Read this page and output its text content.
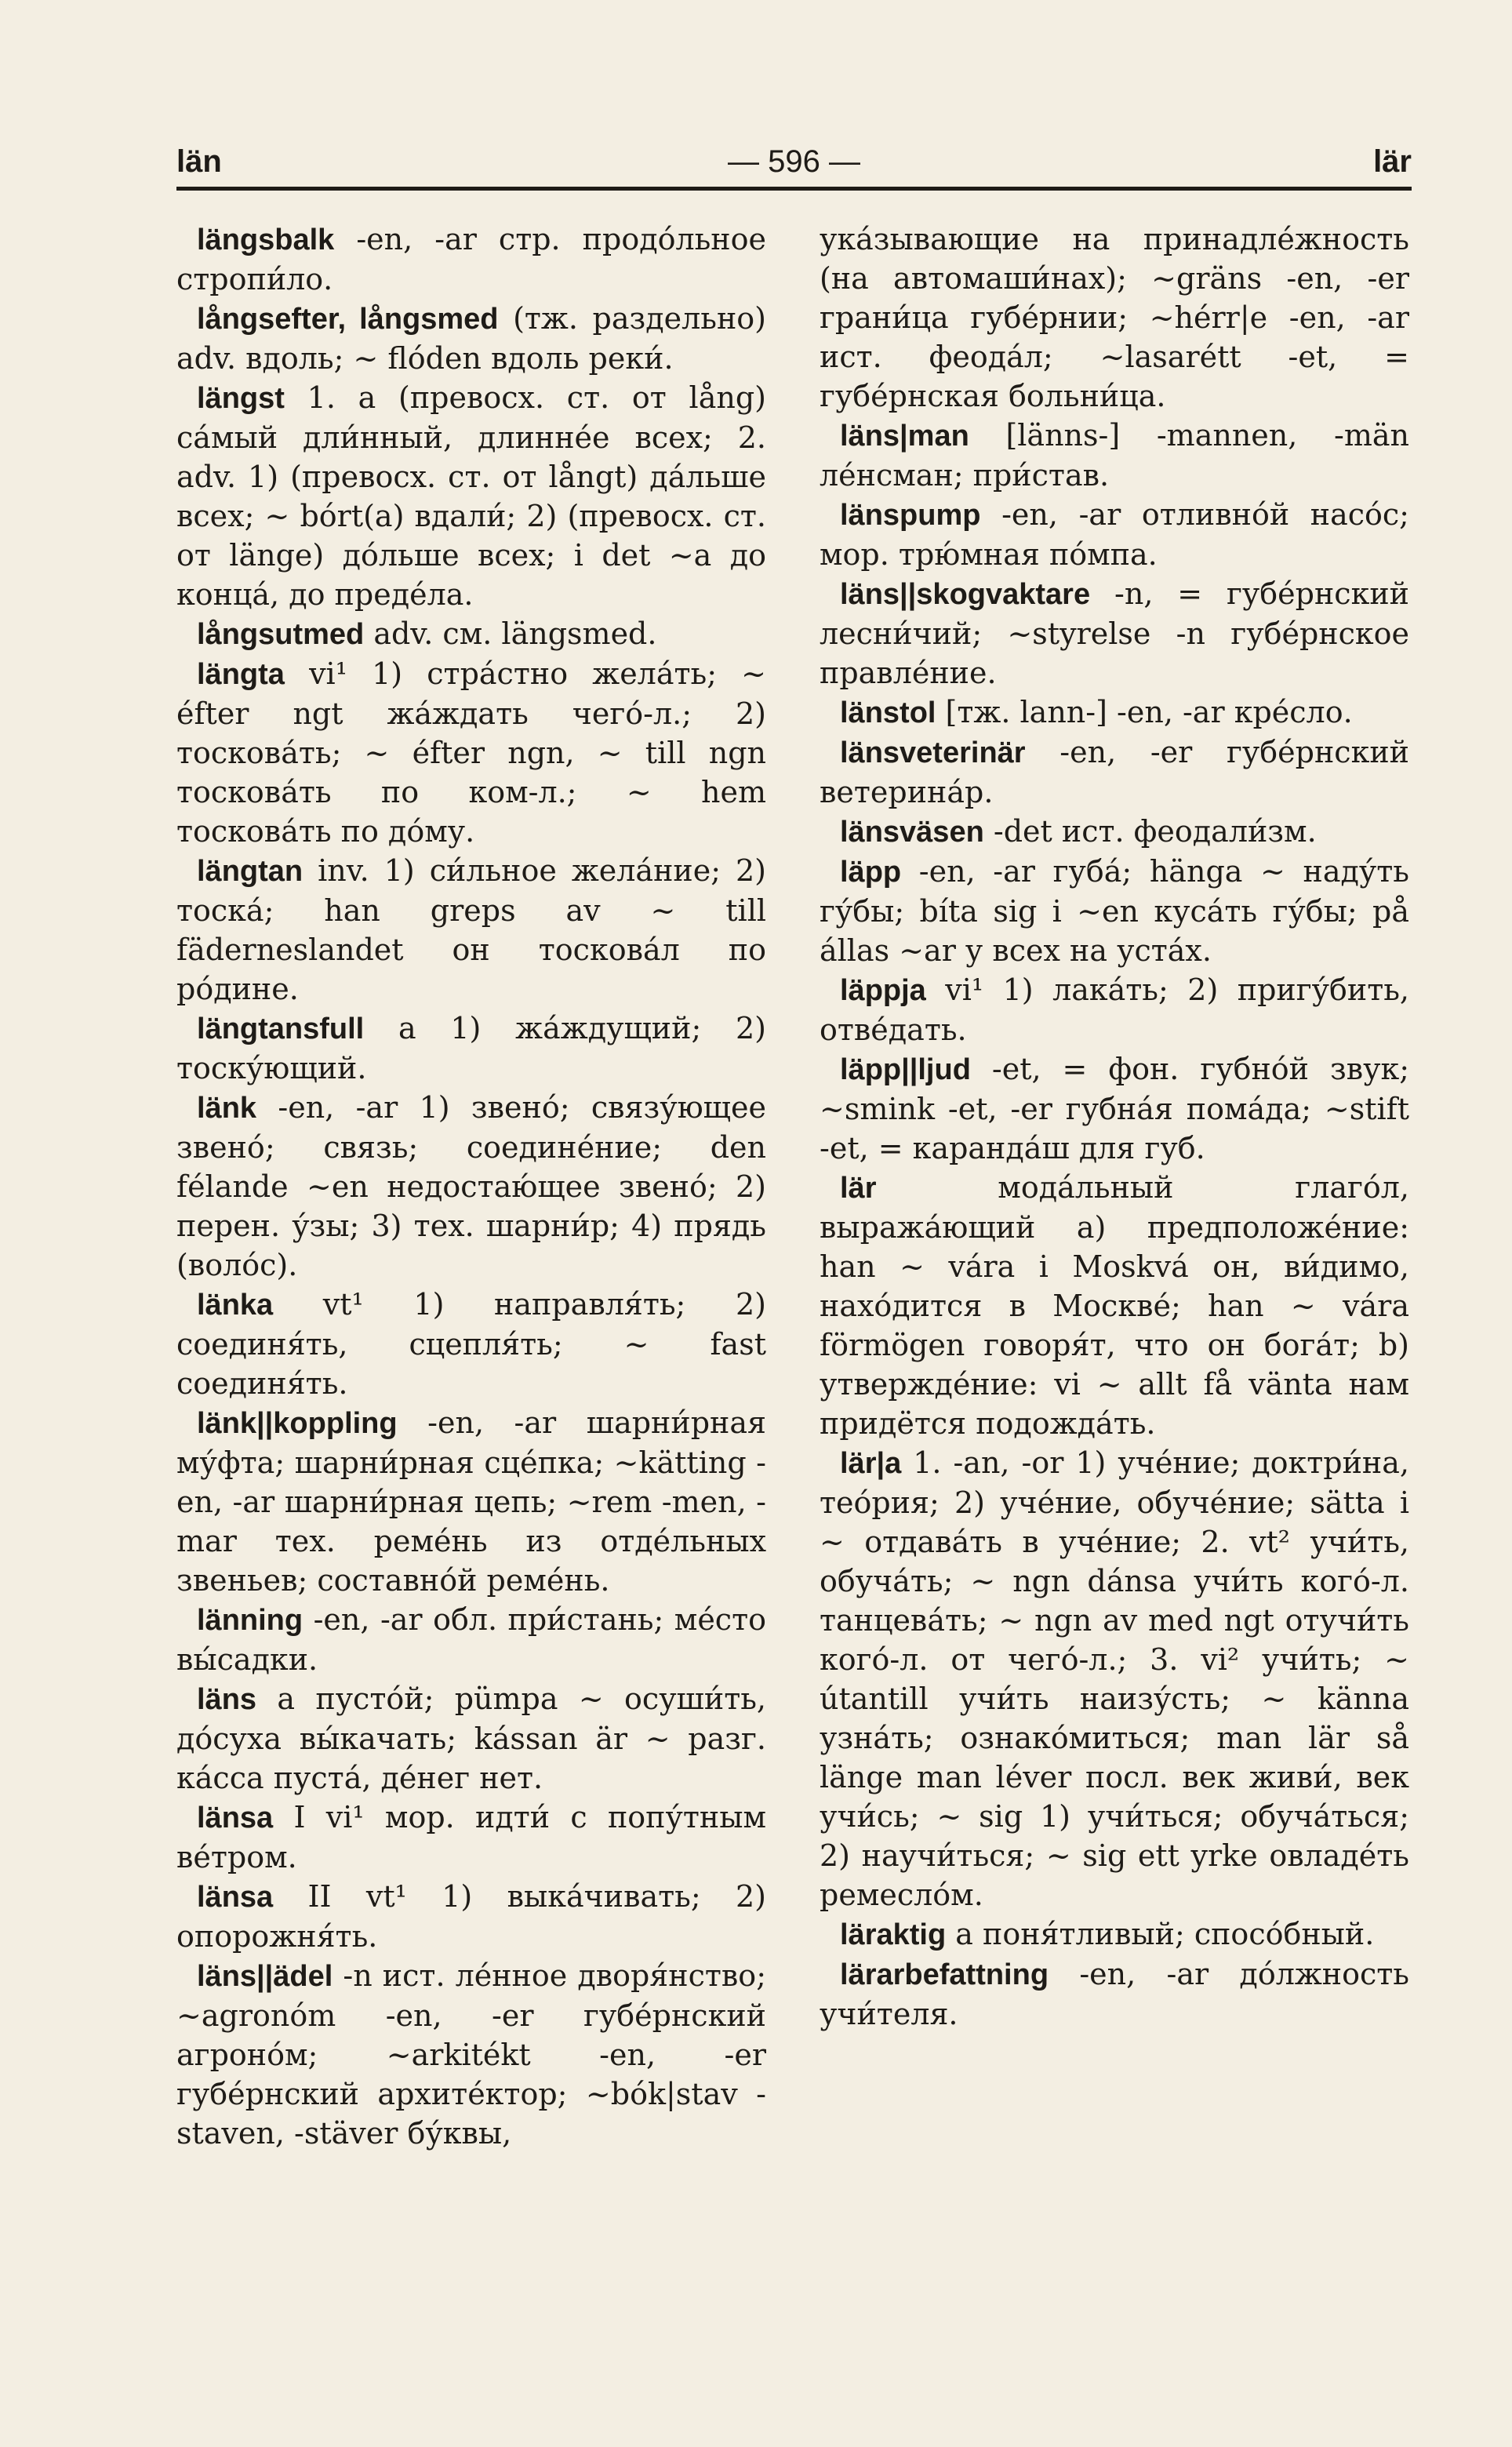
län	— 596 —	lär

längsbalk -en, -ar стр. продо́льное стропи́ло.

långsefter, långsmed (тж. раздельно) adv. вдоль; ~ flóden вдоль реки́.

längst 1. a (превосх. ст. от lång) са́мый дли́нный, длинне́е всех; 2. adv. 1) (превосх. ст. от långt) да́льше всех; ~ bórt(a) вдали́; 2) (превосх. ст. от länge) до́льше всех; i det ~a до конца́, до преде́ла.

långsutmed adv. см. längsmed.

längta vi¹ 1) стра́стно жела́ть; ~ éfter ngt жа́ждать чего́-л.; 2) тоскова́ть; ~ éfter ngn, ~ till ngn тоскова́ть по ком-л.; ~ hem тоскова́ть по до́му.

längtan inv. 1) си́льное жела́ние; 2) тоска́; han greps av ~ till fäderneslandet он тоскова́л по ро́дине.

längtansfull a 1) жа́ждущий; 2) тоску́ющий.

länk -en, -ar 1) звено́; связу́ющее звено́; связь; соедине́ние; den félande ~en недостаю́щее звено́; 2) перен. у́зы; 3) тех. шарни́р; 4) прядь (воло́с).

länka vt¹ 1) направля́ть; 2) соединя́ть, сцепля́ть; ~ fast соединя́ть.

länk||koppling -en, -ar шарни́рная му́фта; шарни́рная сце́пка; ~kätting -en, -ar шарни́рная цепь; ~rem -men, -mar тех. реме́нь из отде́льных звеньев; составно́й реме́нь.

länning -en, -ar обл. при́стань; ме́сто вы́садки.

läns a пусто́й; pümpa ~ осуши́ть, до́суха вы́качать; kássan är ~ разг. ка́сса пуста́, де́нег нет.

länsa I vi¹ мор. идти́ с попу́тным ве́тром.

länsa II vt¹ 1) выка́чивать; 2) опорожня́ть.

läns||ädel -n ист. ле́нное дворя́нство; ~agronóm -en, -er губе́рнский агроно́м; ~arkitékt -en, -er губе́рнский архите́ктор; ~bók|stav -staven, -stäver бу́квы,

ука́зывающие на принадле́жность (на автомаши́нах); ~gräns -en, -er грани́ца губе́рнии; ~hérr|e -en, -ar ист. феода́л; ~lasarétt -et, = губе́рнская больни́ца.

läns|man [länns-] -mannen, -män ле́нсман; при́став.

länspump -en, -ar отливно́й насо́с; мор. трю́мная по́мпа.

läns||skogvaktare -n, = губе́рнский лесни́чий; ~styrelse -n губе́рнское правле́ние.

länstol [тж. lann-] -en, -ar кре́сло.

länsveterinär -en, -er губе́рнский ветерина́р.

länsväsen -det ист. феодали́зм.

läpp -en, -ar губа́; hänga ~ наду́ть гу́бы; bíta sig i ~en куса́ть гу́бы; på állas ~ar у всех на уста́х.

läppja vi¹ 1) лака́ть; 2) пригу́бить, отве́дать.

läpp||ljud -et, = фон. губно́й звук; ~smink -et, -er губна́я пома́да; ~stift -et, = каранда́ш для губ.

lär мода́льный глаго́л, выража́ющий а) предположе́ние: han ~ vára i Moskvá он, ви́димо, нахо́дится в Москве́; han ~ vára förmögen говоря́т, что он бога́т; b) утвержде́ние: vi ~ allt få vänta нам придётся подожда́ть.

lär|a 1. -an, -or 1) уче́ние; доктри́на, тео́рия; 2) уче́ние, обуче́ние; sätta i ~ отдава́ть в уче́ние; 2. vt² учи́ть, обуча́ть; ~ ngn dánsa учи́ть кого́-л. танцева́ть; ~ ngn av med ngt отучи́ть кого́-л. от чего́-л.; 3. vi² учи́ть; ~ útantill учи́ть наизу́сть; ~ känna узна́ть; ознако́миться; man lär så länge man léver посл. век живи́, век учи́сь; ~ sig 1) учи́ться; обуча́ться; 2) научи́ться; ~ sig ett yrke овладе́ть ремесло́м.

läraktig a поня́тливый; спосо́бный.

lärarbefattning -en, -ar до́лжность учи́теля.
